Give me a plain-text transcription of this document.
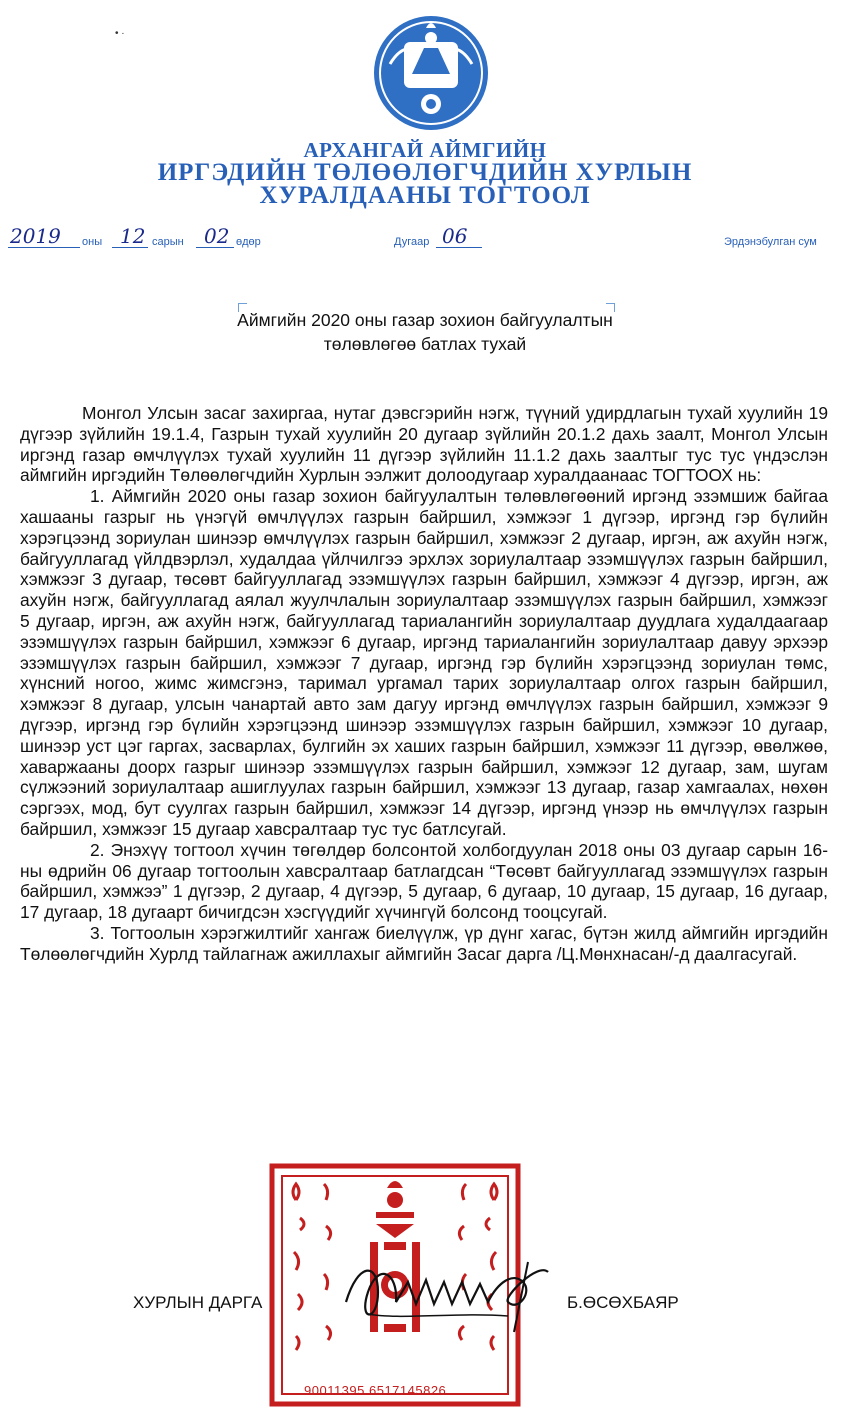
• ·
АРХАНГАЙ АЙМГИЙН
ИРГЭДИЙН ТӨЛӨӨЛӨГЧДИЙН ХУРЛЫН
ХУРАЛДААНЫ ТОГТООЛ
2019 оны 12 сарын 02 өдөр	Дугаар 06	Эрдэнэбулган сум
Аймгийн 2020 оны газар зохион байгуулалтын
төлөвлөгөө батлах тухай

Монгол Улсын засаг захиргаа, нутаг дэвсгэрийн нэгж, түүний удирдлагын тухай хуулийн 19 дүгээр зүйлийн 19.1.4, Газрын тухай хуулийн 20 дугаар зүйлийн 20.1.2 дахь заалт, Монгол Улсын иргэнд газар өмчлүүлэх тухай хуулийн 11 дүгээр зүйлийн 11.1.2 дахь заалтыг тус тус үндэслэн аймгийн иргэдийн Төлөөлөгчдийн Хурлын ээлжит долоодугаар хуралдаанаас ТОГТООХ нь:

1. Аймгийн 2020 оны газар зохион байгуулалтын төлөвлөгөөний иргэнд эзэмшиж байгаа хашааны газрыг нь үнэгүй өмчлүүлэх газрын байршил, хэмжээг 1 дүгээр, иргэнд гэр бүлийн хэрэгцээнд зориулан шинээр өмчлүүлэх газрын байршил, хэмжээг 2 дугаар, иргэн, аж ахуйн нэгж, байгууллагад үйлдвэрлэл, худалдаа үйлчилгээ эрхлэх зориулалтаар эзэмшүүлэх газрын байршил, хэмжээг 3 дугаар, төсөвт байгууллагад эзэмшүүлэх газрын байршил, хэмжээг 4 дүгээр, иргэн, аж ахуйн нэгж, байгууллагад аялал жуулчлалын зориулалтаар эзэмшүүлэх газрын байршил, хэмжээг 5 дугаар, иргэн, аж ахуйн нэгж, байгууллагад тариалангийн зориулалтаар дуудлага худалдаагаар эзэмшүүлэх газрын байршил, хэмжээг 6 дугаар, иргэнд тариалангийн зориулалтаар давуу эрхээр эзэмшүүлэх газрын байршил, хэмжээг 7 дугаар, иргэнд гэр бүлийн хэрэгцээнд зориулан төмс, хүнсний ногоо, жимс жимсгэнэ, таримал ургамал тарих зориулалтаар олгох газрын байршил, хэмжээг 8 дугаар, улсын чанартай авто зам дагуу иргэнд өмчлүүлэх газрын байршил, хэмжээг 9 дүгээр, иргэнд гэр бүлийн хэрэгцээнд шинээр эзэмшүүлэх газрын байршил, хэмжээг 10 дугаар, шинээр уст цэг гаргах, засварлах, булгийн эх хаших газрын байршил, хэмжээг 11 дүгээр, өвөлжөө, хаваржааны доорх газрыг шинээр эзэмшүүлэх газрын байршил, хэмжээг 12 дугаар, зам, шугам сүлжээний зориулалтаар ашиглуулах газрын байршил, хэмжээг 13 дугаар, газар хамгаалах, нөхөн сэргээх, мод, бут суулгах газрын байршил, хэмжээг 14 дүгээр, иргэнд үнээр нь өмчлүүлэх газрын байршил, хэмжээг 15 дугаар хавсралтаар тус тус батлсугай.

2. Энэхүү тогтоол хүчин төгөлдөр болсонтой холбогдуулан 2018 оны 03 дугаар сарын 16-ны өдрийн 06 дугаар тогтоолын хавсралтаар батлагдсан “Төсөвт байгууллагад эзэмшүүлэх газрын байршил, хэмжээ” 1 дүгээр, 2 дугаар, 4 дүгээр, 5 дугаар, 6 дугаар, 10 дугаар, 15 дугаар, 16 дугаар, 17 дугаар, 18 дугаарт бичигдсэн хэсгүүдийг хүчингүй болсонд тооцсугай.

3. Тогтоолын хэрэгжилтийг хангаж биелүүлж, үр дүнг хагас, бүтэн жилд аймгийн иргэдийн Төлөөлөгчдийн Хурлд тайлагнаж ажиллахыг аймгийн Засаг дарга /Ц.Мөнхнасан/-д даалгасугай.

90011395 6517145826
ХУРЛЫН ДАРГА	Б.ӨСӨХБАЯР
